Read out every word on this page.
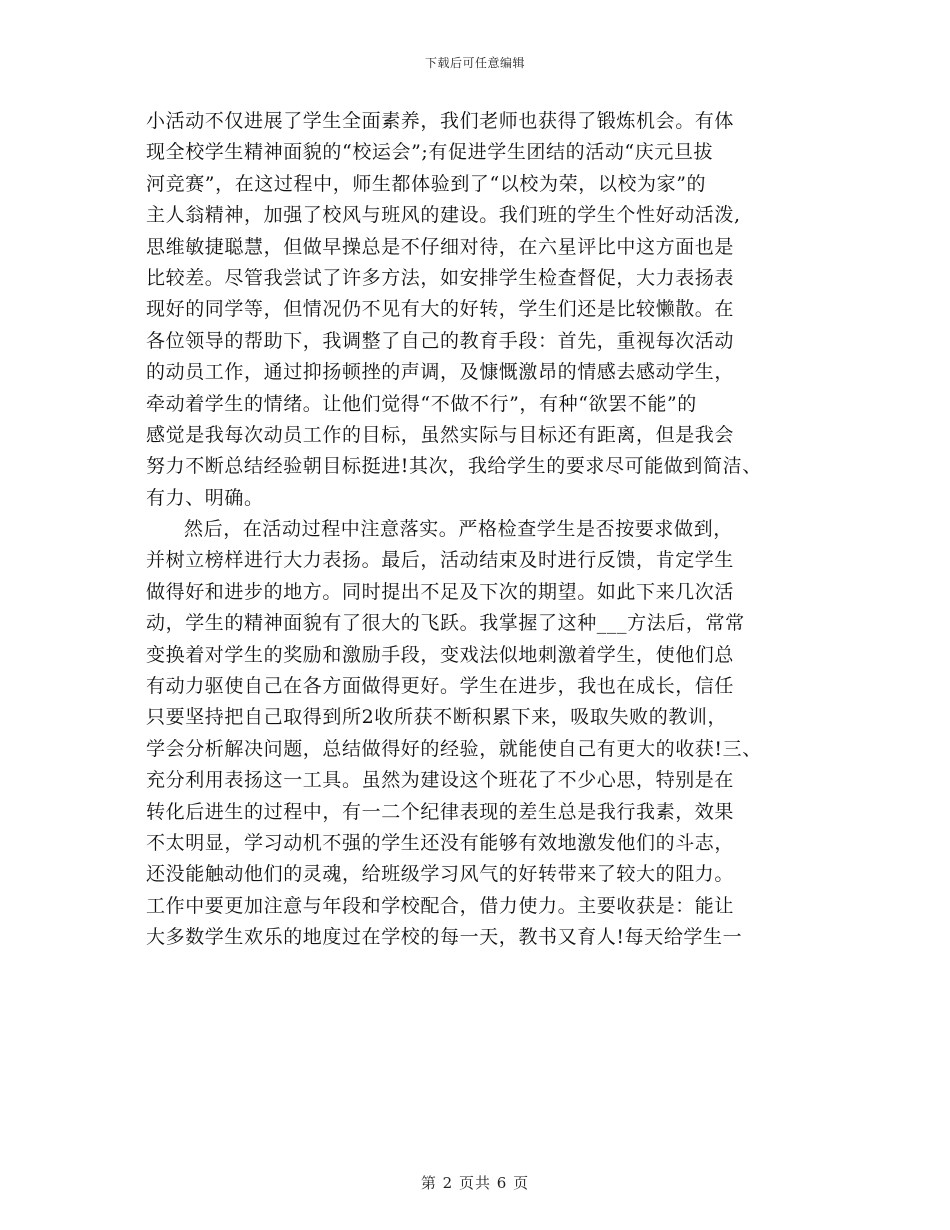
下载后可任意编辑
小活动不仅进展了学生全面素养，我们老师也获得了锻炼机会。有体
现全校学生精神面貌的“校运会”;有促进学生团结的活动“庆元旦拔
河竞赛”，在这过程中，师生都体验到了“以校为荣，以校为家”的
主人翁精神，加强了校风与班风的建设。我们班的学生个性好动活泼,
思维敏捷聪慧，但做早操总是不仔细对待，在六星评比中这方面也是
比较差。尽管我尝试了许多方法，如安排学生检查督促，大力表扬表
现好的同学等，但情况仍不见有大的好转，学生们还是比较懒散。在
各位领导的帮助下，我调整了自己的教育手段：首先，重视每次活动
的动员工作，通过抑扬顿挫的声调，及慷慨激昂的情感去感动学生，
牵动着学生的情绪。让他们觉得“不做不行”，有种“欲罢不能”的
感觉是我每次动员工作的目标，虽然实际与目标还有距离，但是我会
努力不断总结经验朝目标挺进!其次，我给学生的要求尽可能做到简洁、
有力、明确。
然后，在活动过程中注意落实。严格检查学生是否按要求做到，
并树立榜样进行大力表扬。最后，活动结束及时进行反馈，肯定学生
做得好和进步的地方。同时提出不足及下次的期望。如此下来几次活
动，学生的精神面貌有了很大的飞跃。我掌握了这种___方法后，常常
变换着对学生的奖励和激励手段，变戏法似地刺激着学生，使他们总
有动力驱使自己在各方面做得更好。学生在进步，我也在成长，信任
只要坚持把自己取得到所2收所获不断积累下来，吸取失败的教训，
学会分析解决问题，总结做得好的经验，就能使自己有更大的收获!三、
充分利用表扬这一工具。虽然为建设这个班花了不少心思，特别是在
转化后进生的过程中，有一二个纪律表现的差生总是我行我素，效果
不太明显，学习动机不强的学生还没有能够有效地激发他们的斗志，
还没能触动他们的灵魂，给班级学习风气的好转带来了较大的阻力。
工作中要更加注意与年段和学校配合，借力使力。主要收获是：能让
大多数学生欢乐的地度过在学校的每一天，教书又育人!每天给学生一
第 2 页共 6 页
